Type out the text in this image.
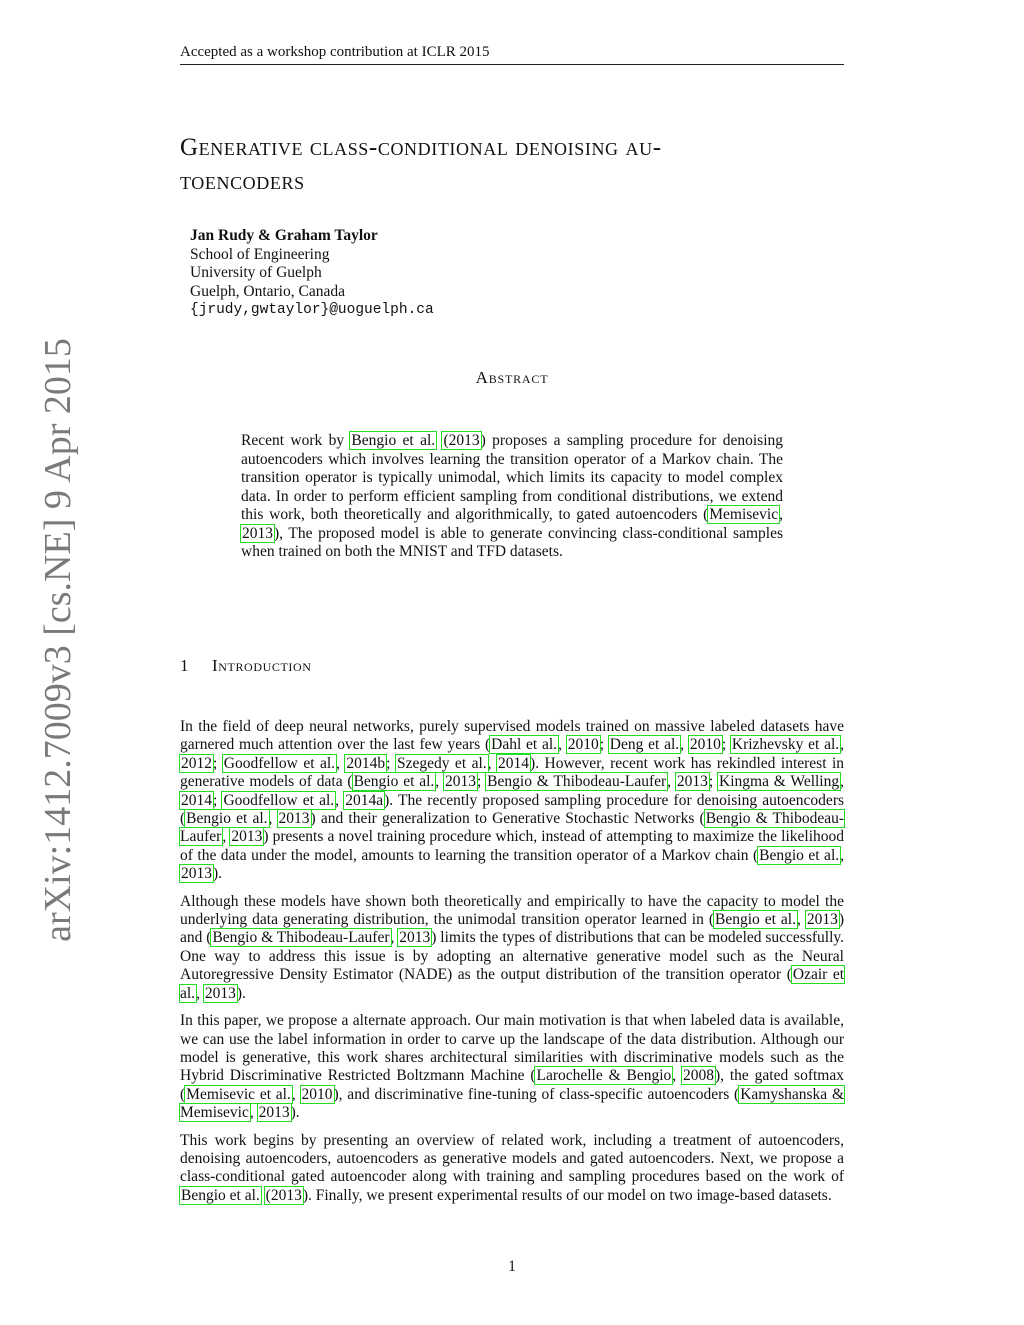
Accepted as a workshop contribution at ICLR 2015
Generative class-conditional denoising au-
toencoders
Jan Rudy & Graham Taylor
School of Engineering
University of Guelph
Guelph, Ontario, Canada
{jrudy,gwtaylor}@uoguelph.ca
arXiv:1412.7009v3 [cs.NE] 9 Apr 2015	Abstract
Recent work by Bengio et al. (2013) proposes a sampling procedure for denoising autoencoders which involves learning the transition operator of a Markov chain. The transition operator is typically unimodal, which limits its capacity to model complex data. In order to perform efficient sampling from conditional distributions, we extend this work, both theoretically and algorithmically, to gated autoencoders (Memisevic, 2013), The proposed model is able to generate convincing class-conditional samples when trained on both the MNIST and TFD datasets.
1 Introduction

In the field of deep neural networks, purely supervised models trained on massive labeled datasets have garnered much attention over the last few years (Dahl et al., 2010; Deng et al., 2010; Krizhevsky et al., 2012; Goodfellow et al., 2014b; Szegedy et al., 2014). However, recent work has rekindled interest in generative models of data (Bengio et al., 2013; Bengio & Thibodeau-Laufer, 2013; Kingma & Welling, 2014; Goodfellow et al., 2014a). The recently proposed sampling procedure for denoising autoencoders (Bengio et al., 2013) and their generalization to Generative Stochastic Networks (Bengio & Thibodeau-Laufer, 2013) presents a novel training procedure which, instead of attempting to maximize the likelihood of the data under the model, amounts to learning the transition operator of a Markov chain (Bengio et al., 2013).

Although these models have shown both theoretically and empirically to have the capacity to model the underlying data generating distribution, the unimodal transition operator learned in (Bengio et al., 2013) and (Bengio & Thibodeau-Laufer, 2013) limits the types of distributions that can be modeled successfully. One way to address this issue is by adopting an alternative generative model such as the Neural Autoregressive Density Estimator (NADE) as the output distribution of the transition operator (Ozair et al., 2013).

In this paper, we propose a alternate approach. Our main motivation is that when labeled data is available, we can use the label information in order to carve up the landscape of the data distribution. Although our model is generative, this work shares architectural similarities with discriminative models such as the Hybrid Discriminative Restricted Boltzmann Machine (Larochelle & Bengio, 2008), the gated softmax (Memisevic et al., 2010), and discriminative fine-tuning of class-specific autoencoders (Kamyshanska & Memisevic, 2013).

This work begins by presenting an overview of related work, including a treatment of autoencoders, denoising autoencoders, autoencoders as generative models and gated autoencoders. Next, we propose a class-conditional gated autoencoder along with training and sampling procedures based on the work of Bengio et al. (2013). Finally, we present experimental results of our model on two image-based datasets.

1
